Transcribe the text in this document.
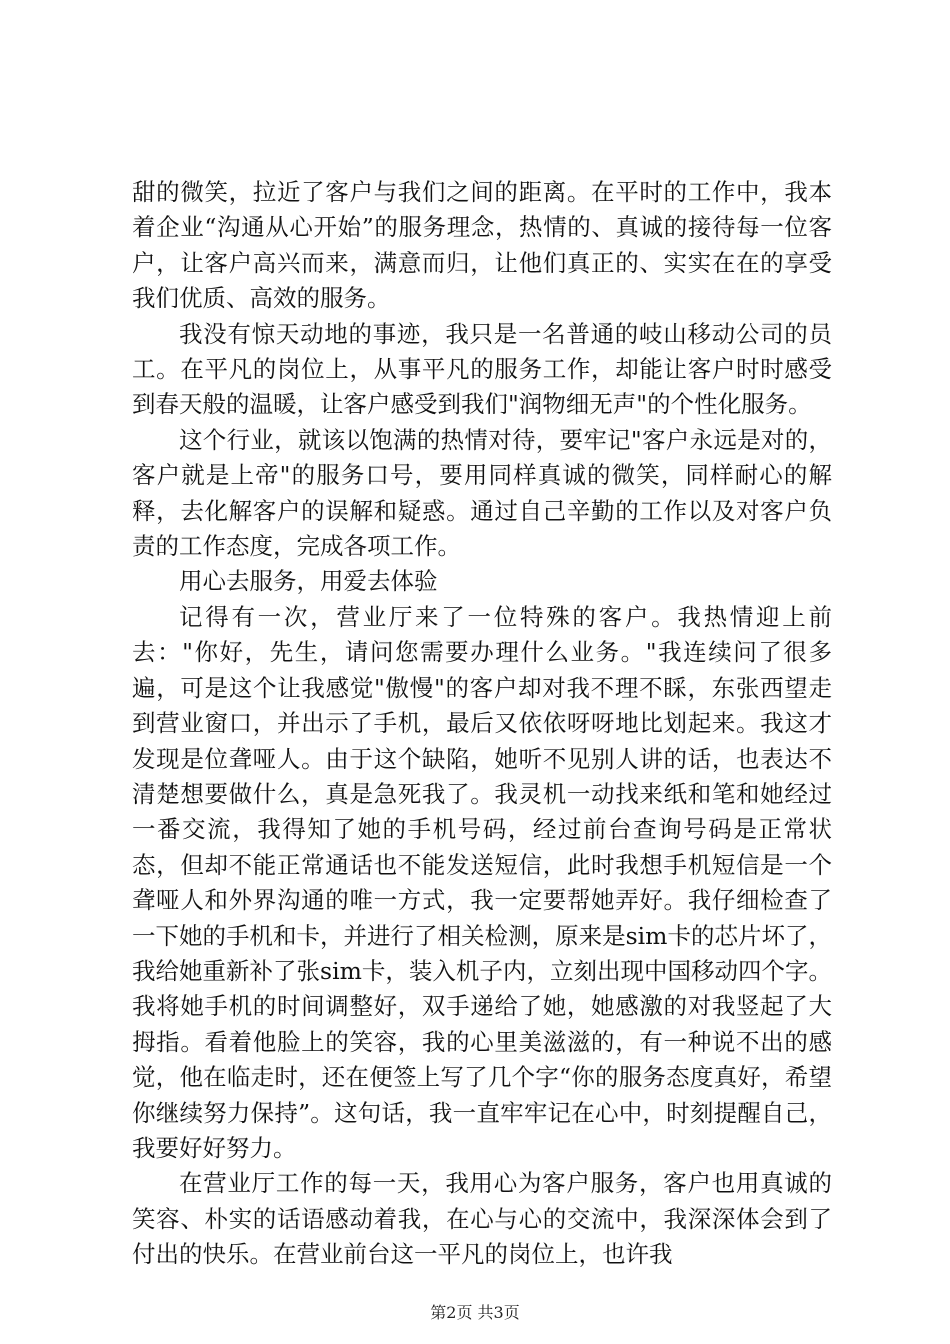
甜的微笑，拉近了客户与我们之间的距离。在平时的工作中，我本着企业“沟通从心开始”的服务理念，热情的、真诚的接待每一位客户，让客户高兴而来，满意而归，让他们真正的、实实在在的享受我们优质、高效的服务。

我没有惊天动地的事迹，我只是一名普通的岐山移动公司的员工。在平凡的岗位上，从事平凡的服务工作，却能让客户时时感受到春天般的温暖，让客户感受到我们"润物细无声"的个性化服务。

这个行业，就该以饱满的热情对待，要牢记"客户永远是对的，客户就是上帝"的服务口号，要用同样真诚的微笑，同样耐心的解释，去化解客户的误解和疑惑。通过自己辛勤的工作以及对客户负责的工作态度，完成各项工作。

用心去服务，用爱去体验

记得有一次，营业厅来了一位特殊的客户。我热情迎上前去："你好，先生，请问您需要办理什么业务。"我连续问了很多遍，可是这个让我感觉"傲慢"的客户却对我不理不睬，东张西望走到营业窗口，并出示了手机，最后又依依呀呀地比划起来。我这才发现是位聋哑人。由于这个缺陷，她听不见别人讲的话，也表达不清楚想要做什么，真是急死我了。我灵机一动找来纸和笔和她经过一番交流，我得知了她的手机号码，经过前台查询号码是正常状态，但却不能正常通话也不能发送短信，此时我想手机短信是一个聋哑人和外界沟通的唯一方式，我一定要帮她弄好。我仔细检查了一下她的手机和卡，并进行了相关检测，原来是sim卡的芯片坏了，我给她重新补了张sim卡，装入机子内，立刻出现中国移动四个字。我将她手机的时间调整好，双手递给了她，她感激的对我竖起了大拇指。看着他脸上的笑容，我的心里美滋滋的，有一种说不出的感觉，他在临走时，还在便签上写了几个字“你的服务态度真好，希望你继续努力保持”。这句话，我一直牢牢记在心中，时刻提醒自己，我要好好努力。

在营业厅工作的每一天，我用心为客户服务，客户也用真诚的笑容、朴实的话语感动着我，在心与心的交流中，我深深体会到了付出的快乐。在营业前台这一平凡的岗位上，也许我

第2页 共3页
